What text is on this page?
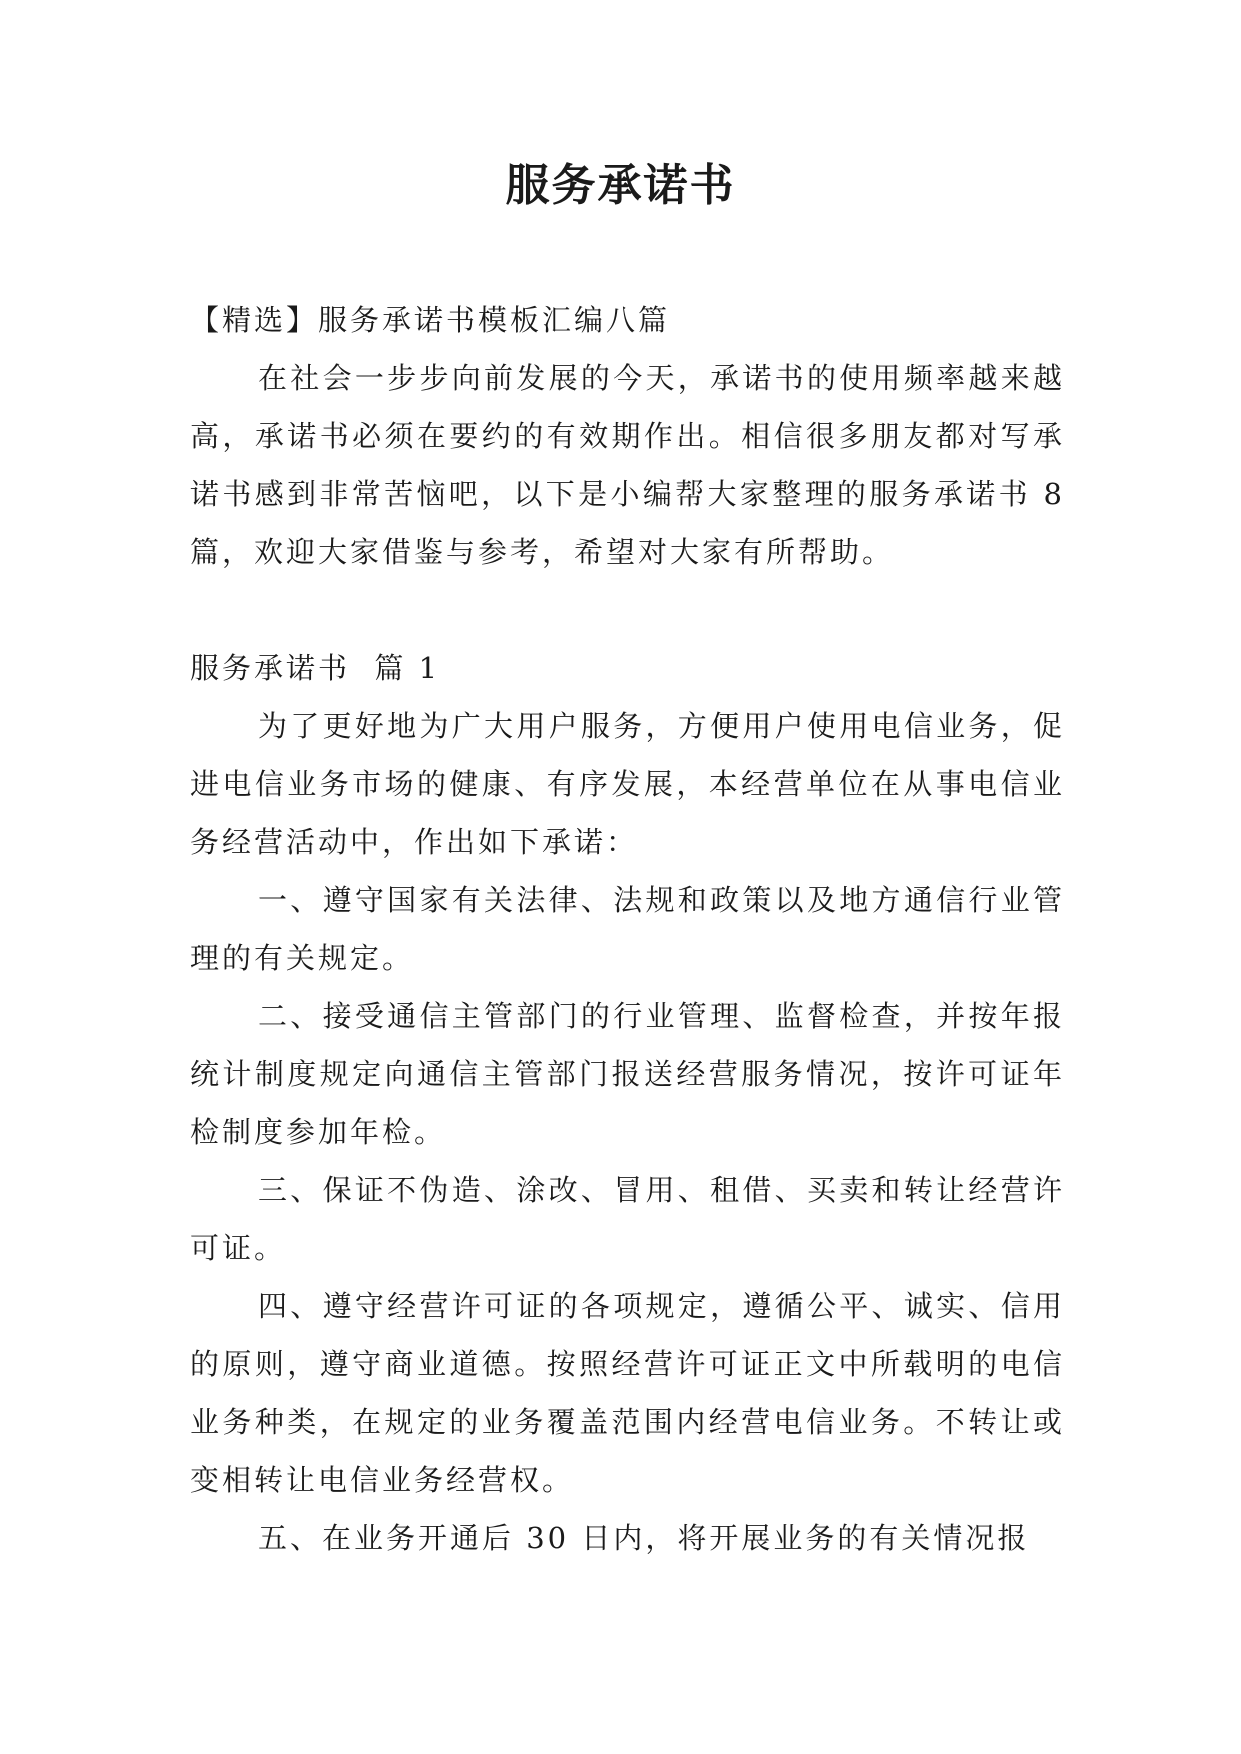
服务承诺书

【精选】服务承诺书模板汇编八篇

在社会一步步向前发展的今天，承诺书的使用频率越来越高，承诺书必须在要约的有效期作出。相信很多朋友都对写承诺书感到非常苦恼吧，以下是小编帮大家整理的服务承诺书 8 篇，欢迎大家借鉴与参考，希望对大家有所帮助。

服务承诺书  篇 1

为了更好地为广大用户服务，方便用户使用电信业务，促进电信业务市场的健康、有序发展，本经营单位在从事电信业务经营活动中，作出如下承诺：

一、遵守国家有关法律、法规和政策以及地方通信行业管理的有关规定。

二、接受通信主管部门的行业管理、监督检查，并按年报统计制度规定向通信主管部门报送经营服务情况，按许可证年检制度参加年检。

三、保证不伪造、涂改、冒用、租借、买卖和转让经营许可证。

四、遵守经营许可证的各项规定，遵循公平、诚实、信用的原则，遵守商业道德。按照经营许可证正文中所载明的电信业务种类，在规定的业务覆盖范围内经营电信业务。不转让或变相转让电信业务经营权。

五、在业务开通后 30 日内，将开展业务的有关情况报
